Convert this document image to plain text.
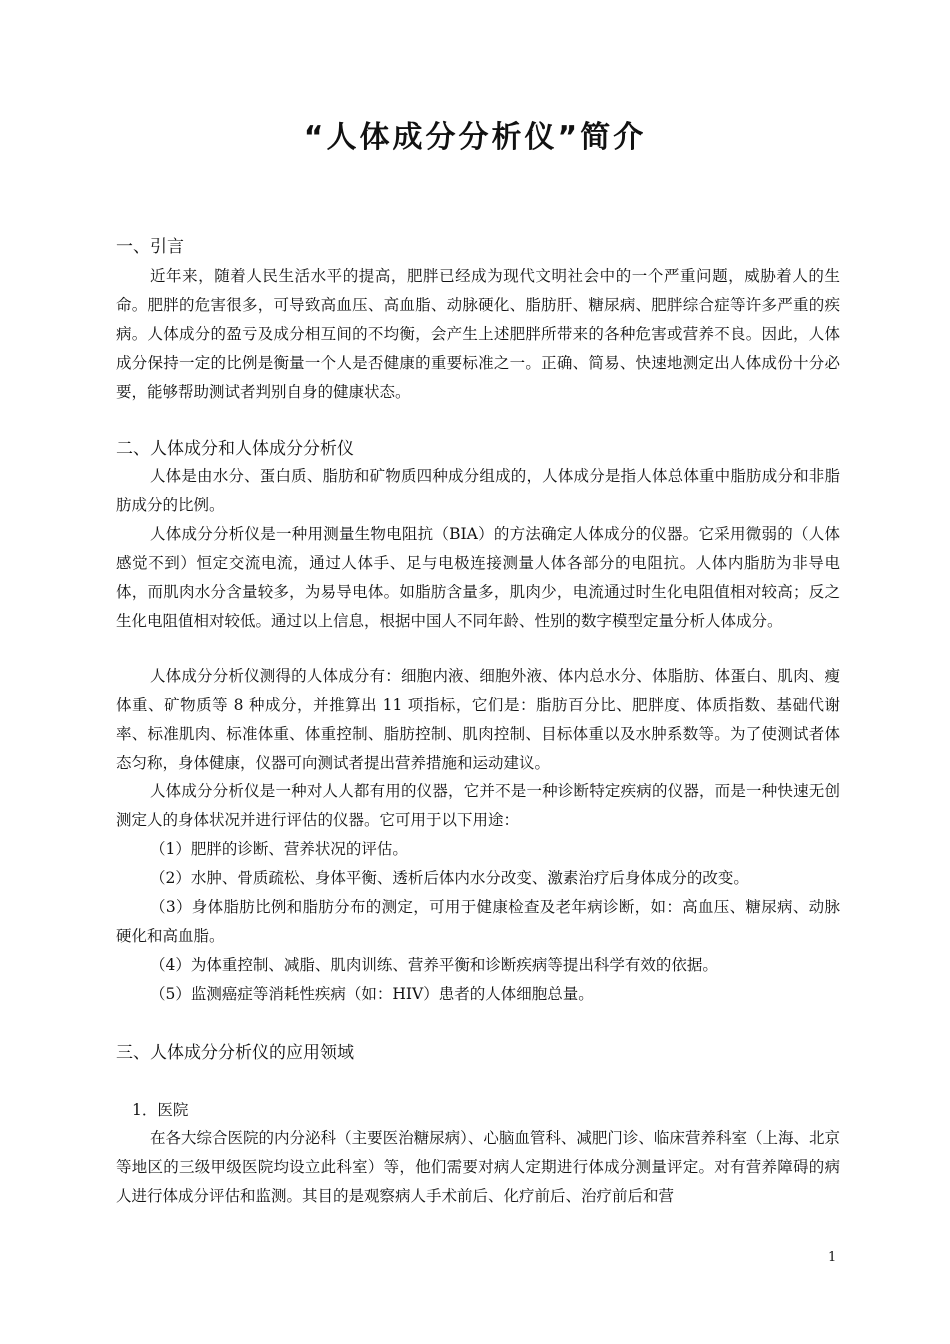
“人体成分分析仪”简介
一、引言

近年来，随着人民生活水平的提高，肥胖已经成为现代文明社会中的一个严重问题，威胁着人的生命。肥胖的危害很多，可导致高血压、高血脂、动脉硬化、脂肪肝、糖尿病、肥胖综合症等许多严重的疾病。人体成分的盈亏及成分相互间的不均衡，会产生上述肥胖所带来的各种危害或营养不良。因此，人体成分保持一定的比例是衡量一个人是否健康的重要标准之一。正确、简易、快速地测定出人体成份十分必要，能够帮助测试者判别自身的健康状态。

二、人体成分和人体成分分析仪

人体是由水分、蛋白质、脂肪和矿物质四种成分组成的，人体成分是指人体总体重中脂肪成分和非脂肪成分的比例。

人体成分分析仪是一种用测量生物电阻抗（BIA）的方法确定人体成分的仪器。它采用微弱的（人体感觉不到）恒定交流电流，通过人体手、足与电极连接测量人体各部分的电阻抗。人体内脂肪为非导电体，而肌肉水分含量较多，为易导电体。如脂肪含量多，肌肉少，电流通过时生化电阻值相对较高；反之生化电阻值相对较低。通过以上信息，根据中国人不同年龄、性别的数字模型定量分析人体成分。

人体成分分析仪测得的人体成分有：细胞内液、细胞外液、体内总水分、体脂肪、体蛋白、肌肉、瘦体重、矿物质等 8 种成分，并推算出 11 项指标，它们是：脂肪百分比、肥胖度、体质指数、基础代谢率、标准肌肉、标准体重、体重控制、脂肪控制、肌肉控制、目标体重以及水肿系数等。为了使测试者体态匀称，身体健康，仪器可向测试者提出营养措施和运动建议。

人体成分分析仪是一种对人人都有用的仪器，它并不是一种诊断特定疾病的仪器，而是一种快速无创测定人的身体状况并进行评估的仪器。它可用于以下用途：

（1）肥胖的诊断、营养状况的评估。

（2）水肿、骨质疏松、身体平衡、透析后体内水分改变、激素治疗后身体成分的改变。

（3）身体脂肪比例和脂肪分布的测定，可用于健康检查及老年病诊断，如：高血压、糖尿病、动脉硬化和高血脂。

（4）为体重控制、减脂、肌肉训练、营养平衡和诊断疾病等提出科学有效的依据。

（5）监测癌症等消耗性疾病（如：HIV）患者的人体细胞总量。

三、人体成分分析仪的应用领域
1．医院

在各大综合医院的内分泌科（主要医治糖尿病）、心脑血管科、减肥门诊、临床营养科室（上海、北京等地区的三级甲级医院均设立此科室）等，他们需要对病人定期进行体成分测量评定。对有营养障碍的病人进行体成分评估和监测。其目的是观察病人手术前后、化疗前后、治疗前后和营

1
